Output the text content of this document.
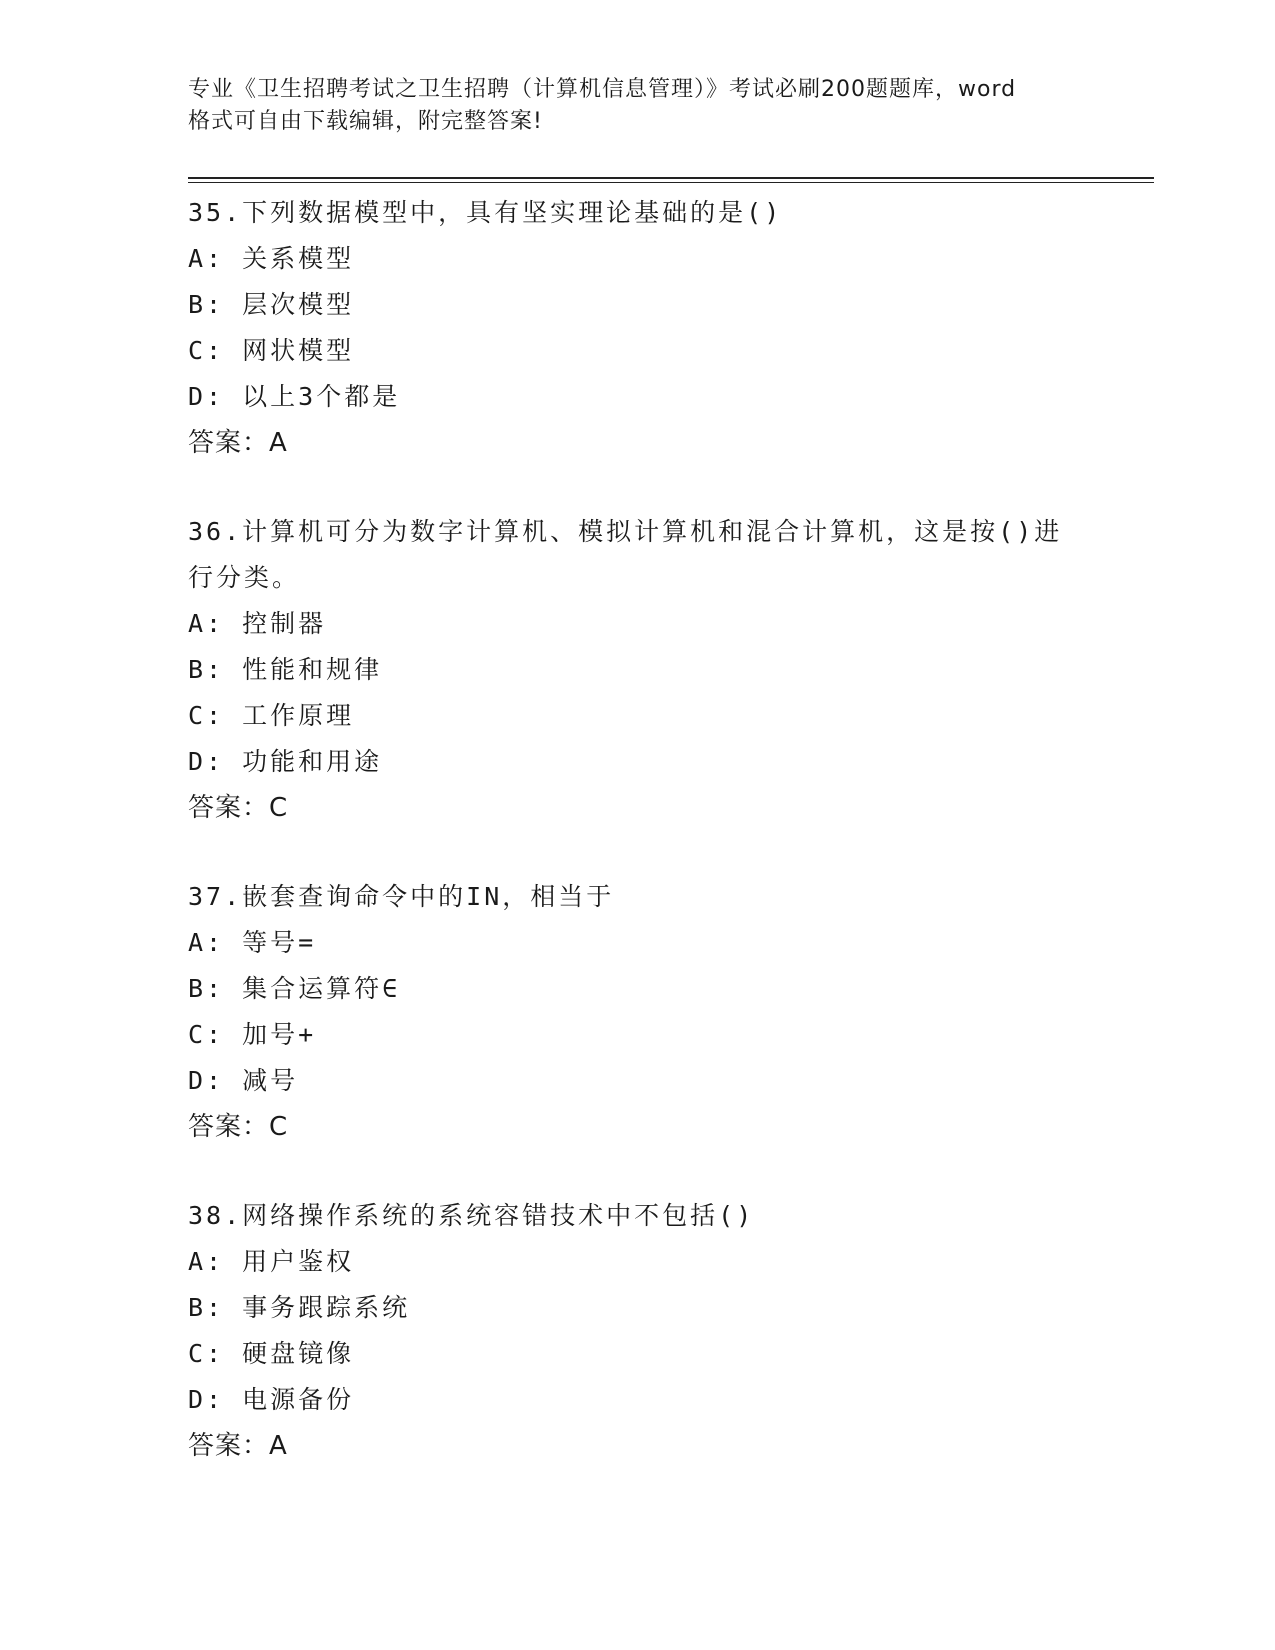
专业《卫生招聘考试之卫生招聘（计算机信息管理）》考试必刷200题题库，word
格式可自由下载编辑，附完整答案!
35.下列数据模型中，具有坚实理论基础的是()
A: 关系模型
B: 层次模型
C: 网状模型
D: 以上3个都是
答案：A
36.计算机可分为数字计算机、模拟计算机和混合计算机，这是按()进行分类。
A: 控制器
B: 性能和规律
C: 工作原理
D: 功能和用途
答案：C
37.嵌套查询命令中的IN，相当于
A: 等号=
B: 集合运算符∈
C: 加号+
D: 减号
答案：C
38.网络操作系统的系统容错技术中不包括()
A: 用户鉴权
B: 事务跟踪系统
C: 硬盘镜像
D: 电源备份
答案：A
